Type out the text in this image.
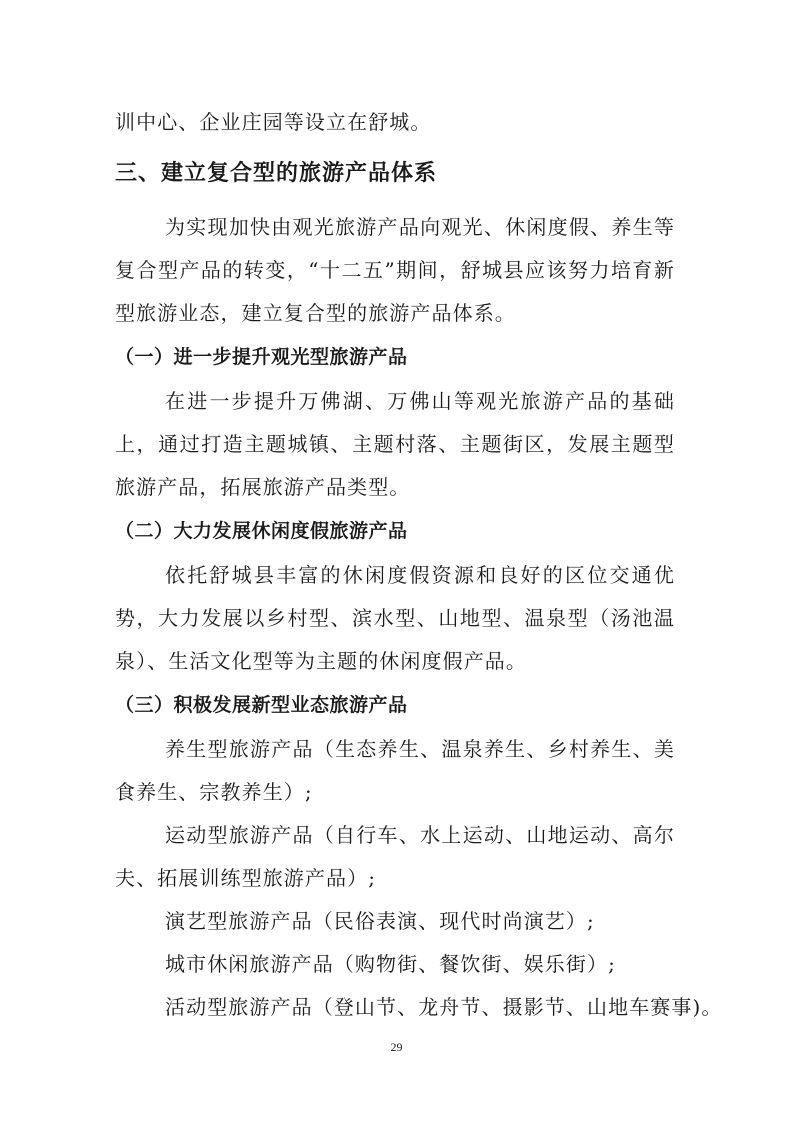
训中心、企业庄园等设立在舒城。
三、建立复合型的旅游产品体系
为实现加快由观光旅游产品向观光、休闲度假、养生等
复合型产品的转变，“十二五”期间，舒城县应该努力培育新
型旅游业态，建立复合型的旅游产品体系。
（一）进一步提升观光型旅游产品
在进一步提升万佛湖、万佛山等观光旅游产品的基础
上，通过打造主题城镇、主题村落、主题街区，发展主题型
旅游产品，拓展旅游产品类型。
（二）大力发展休闲度假旅游产品
依托舒城县丰富的休闲度假资源和良好的区位交通优
势，大力发展以乡村型、滨水型、山地型、温泉型（汤池温
泉）、生活文化型等为主题的休闲度假产品。
（三）积极发展新型业态旅游产品
养生型旅游产品（生态养生、温泉养生、乡村养生、美
食养生、宗教养生）;
运动型旅游产品（自行车、水上运动、山地运动、高尔
夫、拓展训练型旅游产品）;
演艺型旅游产品（民俗表演、现代时尚演艺）;
城市休闲旅游产品（购物街、餐饮街、娱乐街）;
活动型旅游产品（登山节、龙舟节、摄影节、山地车赛事)。
29
